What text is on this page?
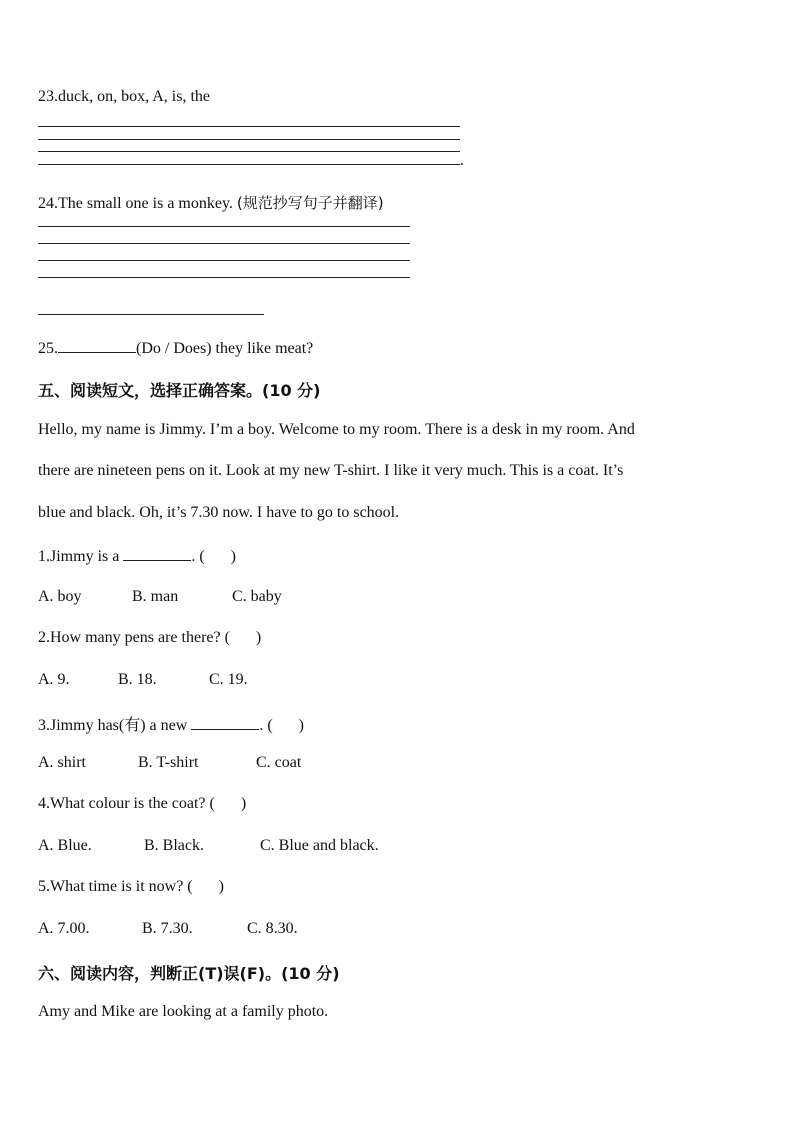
23.duck, on, box, A, is, the
.
24.The small one is a monkey. (规范抄写句子并翻译)
25.	(Do / Does) they like meat?
五、阅读短文，选择正确答案。(10 分)
Hello, my name is Jimmy. I’m a boy. Welcome to my room. There is a desk in my room. And
there are nineteen pens on it. Look at my new T-shirt. I like it very much. This is a coat. It’s
blue and black. Oh, it’s 7.30 now. I have to go to school.
1.Jimmy is a	. ( )
A. boy	B. man	C. baby
2.How many pens are there? ( )
A. 9.	B. 18.	C. 19.
3.Jimmy has(有) a new	. ( )
A. shirt	B. T-shirt	C. coat
4.What colour is the coat? ( )
A. Blue.	B. Black.	C. Blue and black.
5.What time is it now? ( )
A. 7.00.	B. 7.30.	C. 8.30.
六、阅读内容，判断正(T)误(F)。(10 分)
Amy and Mike are looking at a family photo.
